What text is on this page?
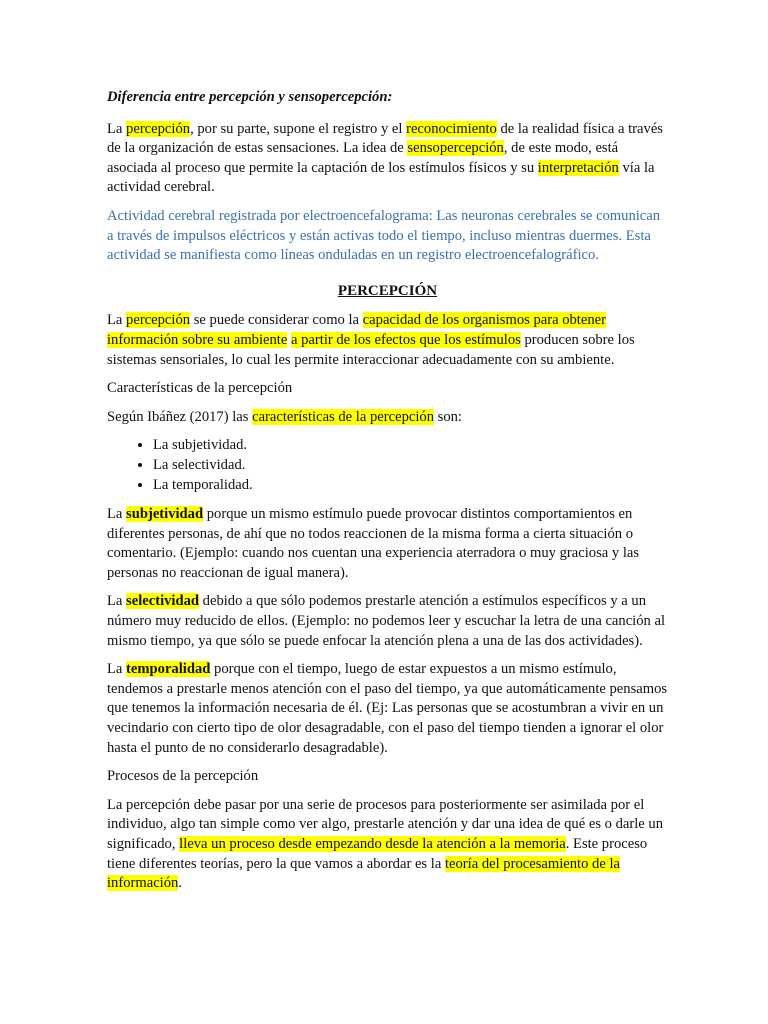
Diferencia entre percepción y sensopercepción:

La percepción, por su parte, supone el registro y el reconocimiento de la realidad física a través de la organización de estas sensaciones. La idea de sensopercepción, de este modo, está asociada al proceso que permite la captación de los estímulos físicos y su interpretación vía la actividad cerebral.

Actividad cerebral registrada por electroencefalograma: Las neuronas cerebrales se comunican a través de impulsos eléctricos y están activas todo el tiempo, incluso mientras duermes. Esta actividad se manifiesta como líneas onduladas en un registro electroencefalográfico.

PERCEPCIÓN

La percepción se puede considerar como la capacidad de los organismos para obtener información sobre su ambiente a partir de los efectos que los estímulos producen sobre los sistemas sensoriales, lo cual les permite interaccionar adecuadamente con su ambiente.

Características de la percepción

Según Ibáñez (2017) las características de la percepción son:

• La subjetividad.
• La selectividad.
• La temporalidad.

La subjetividad porque un mismo estímulo puede provocar distintos comportamientos en diferentes personas, de ahí que no todos reaccionen de la misma forma a cierta situación o comentario. (Ejemplo: cuando nos cuentan una experiencia aterradora o muy graciosa y las personas no reaccionan de igual manera).

La selectividad debido a que sólo podemos prestarle atención a estímulos específicos y a un número muy reducido de ellos. (Ejemplo: no podemos leer y escuchar la letra de una canción al mismo tiempo, ya que sólo se puede enfocar la atención plena a una de las dos actividades).

La temporalidad porque con el tiempo, luego de estar expuestos a un mismo estímulo, tendemos a prestarle menos atención con el paso del tiempo, ya que automáticamente pensamos que tenemos la información necesaria de él. (Ej: Las personas que se acostumbran a vivir en un vecindario con cierto tipo de olor desagradable, con el paso del tiempo tienden a ignorar el olor hasta el punto de no considerarlo desagradable).

Procesos de la percepción

La percepción debe pasar por una serie de procesos para posteriormente ser asimilada por el individuo, algo tan simple como ver algo, prestarle atención y dar una idea de qué es o darle un significado, lleva un proceso desde empezando desde la atención a la memoria. Este proceso tiene diferentes teorías, pero la que vamos a abordar es la teoría del procesamiento de la información.
